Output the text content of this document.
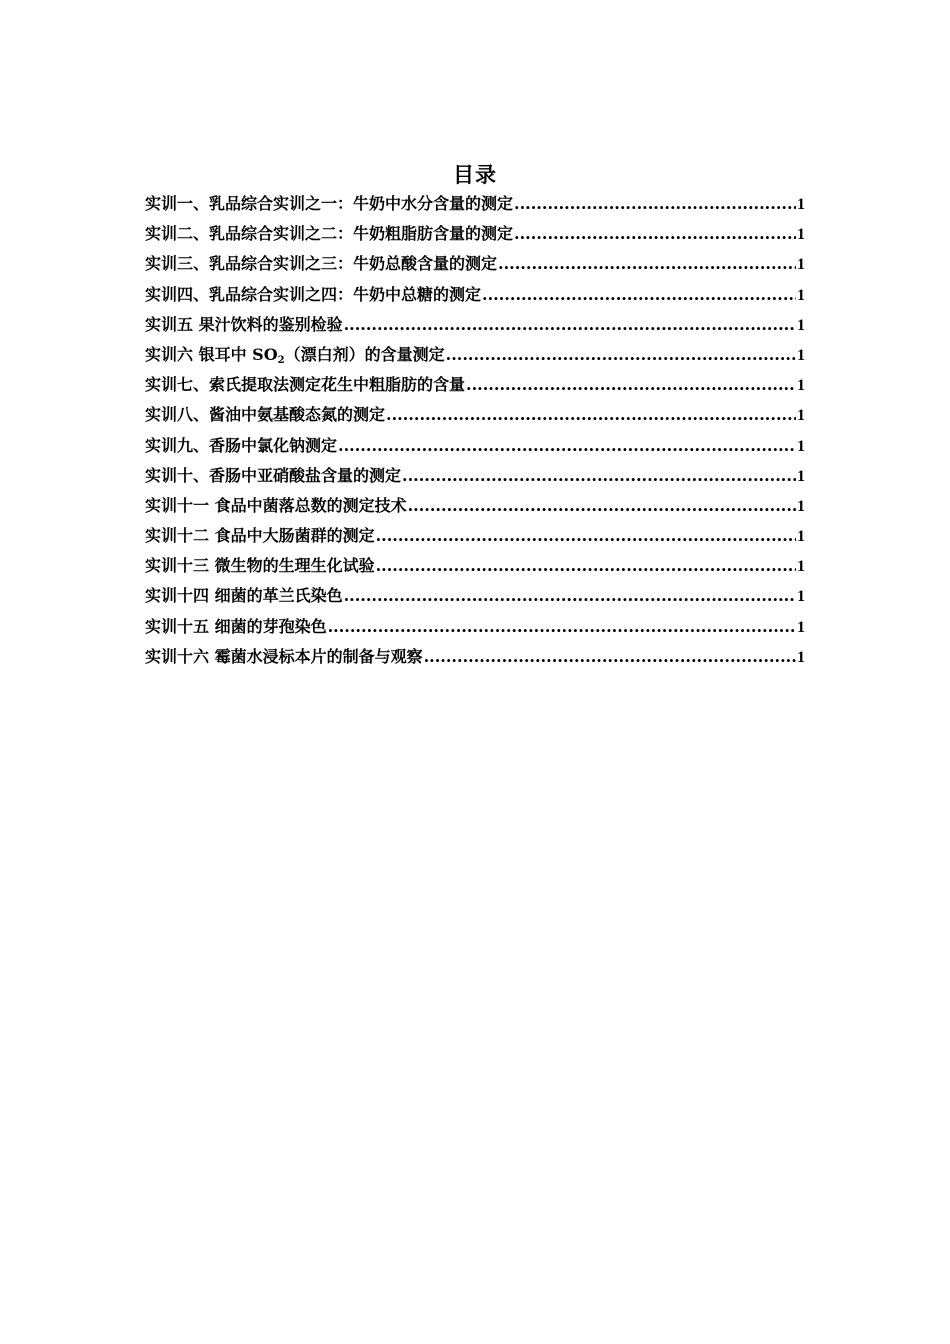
目录
实训一、乳品综合实训之一：牛奶中水分含量的测定 .....	1
实训二、乳品综合实训之二：牛奶粗脂肪含量的测定 .....	1
实训三、乳品综合实训之三：牛奶总酸含量的测定 .....	1
实训四、乳品综合实训之四：牛奶中总糖的测定 .....	1
实训五 果汁饮料的鉴别检验 .....	1
实训六 银耳中 $SO_2$（漂白剂）的含量测定 .....	1
实训七、索氏提取法测定花生中粗脂肪的含量 .....	1
实训八、酱油中氨基酸态氮的测定 .....	1
实训九、香肠中氯化钠测定 .....	1
实训十、香肠中亚硝酸盐含量的测定 .....	1
实训十一 食品中菌落总数的测定技术 .....	1
实训十二 食品中大肠菌群的测定 .....	1
实训十三 微生物的生理生化试验 .....	1
实训十四 细菌的革兰氏染色 .....	1
实训十五 细菌的芽孢染色 .....	1
实训十六 霉菌水浸标本片的制备与观察 .....	1
